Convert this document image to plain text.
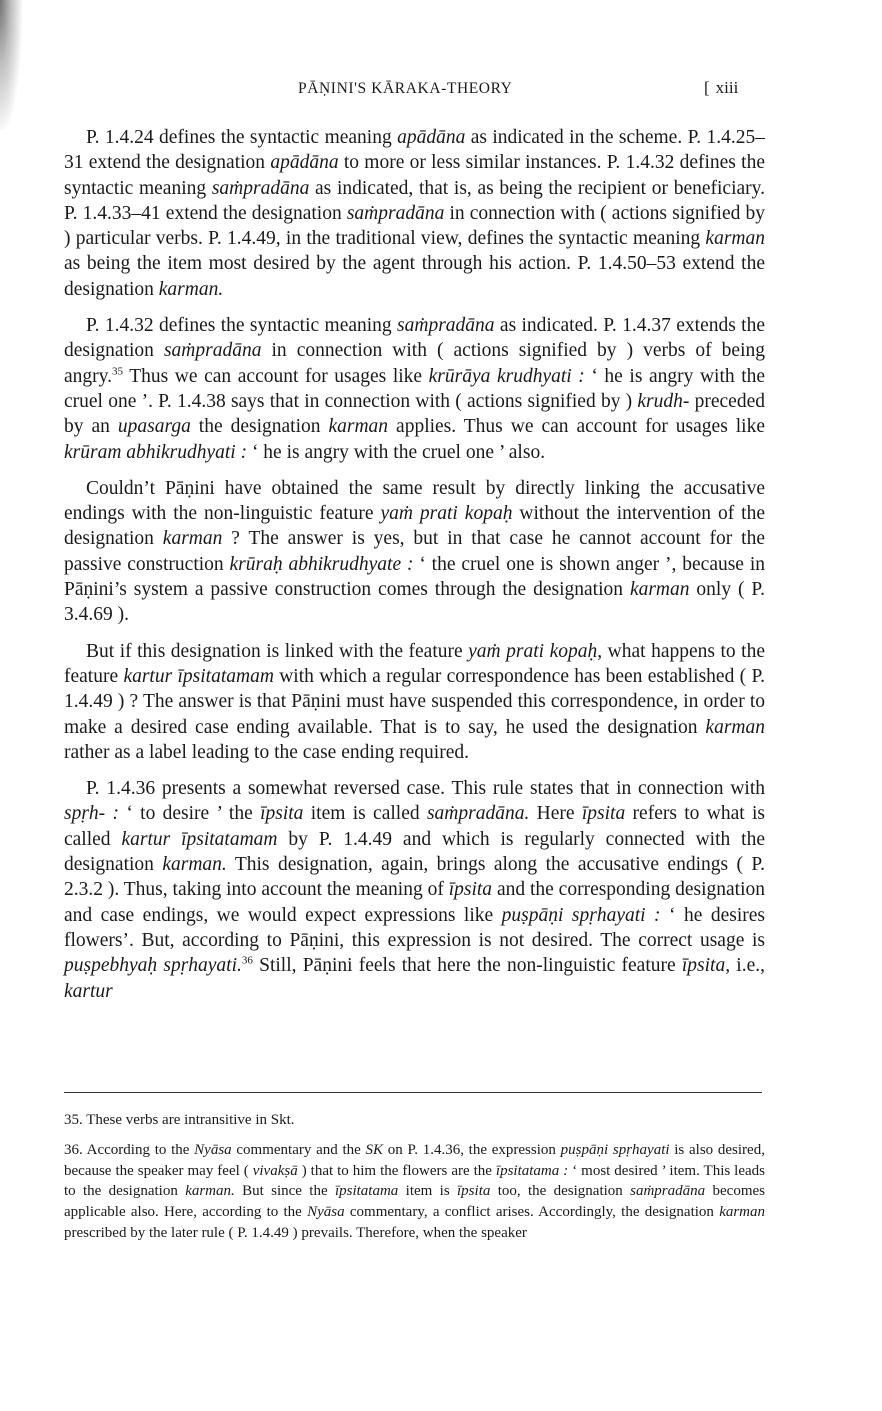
PĀṆINI'S KĀRAKA-THEORY	[ xiii

P. 1.4.24 defines the syntactic meaning apādāna as indicated in the scheme. P. 1.4.25–31 extend the designation apādāna to more or less similar instances. P. 1.4.32 defines the syntactic meaning saṁpradāna as indicated, that is, as being the recipient or beneficiary. P. 1.4.33–41 extend the designation saṁpradāna in connection with ( actions signified by ) particular verbs. P. 1.4.49, in the traditional view, defines the syntactic meaning karman as being the item most desired by the agent through his action. P. 1.4.50–53 extend the designation karman.

P. 1.4.32 defines the syntactic meaning saṁpradāna as indicated. P. 1.4.37 extends the designation saṁpradāna in connection with ( actions signified by ) verbs of being angry.$^{35}$ Thus we can account for usages like krūrāya krudhyati : ‘ he is angry with the cruel one ’. P. 1.4.38 says that in connection with ( actions signified by ) krudh- preceded by an upasarga the designation karman applies. Thus we can account for usages like krūram abhikrudhyati : ‘ he is angry with the cruel one ’ also.

Couldn’t Pāṇini have obtained the same result by directly linking the accusative endings with the non-linguistic feature yaṁ prati kopaḥ without the intervention of the designation karman ? The answer is yes, but in that case he cannot account for the passive construction krūraḥ abhikrudhyate : ‘ the cruel one is shown anger ’, because in Pāṇini’s system a passive construction comes through the designation karman only ( P. 3.4.69 ).

But if this designation is linked with the feature yaṁ prati kopaḥ, what happens to the feature kartur īpsitatamam with which a regular correspondence has been established ( P. 1.4.49 ) ? The answer is that Pāṇini must have suspended this correspondence, in order to make a desired case ending available. That is to say, he used the designation karman rather as a label leading to the case ending required.

P. 1.4.36 presents a somewhat reversed case. This rule states that in connection with spṛh- : ‘ to desire ’ the īpsita item is called saṁpradāna. Here īpsita refers to what is called kartur īpsitatamam by P. 1.4.49 and which is regularly connected with the designation karman. This designation, again, brings along the accusative endings ( P. 2.3.2 ). Thus, taking into account the meaning of īpsita and the corresponding designation and case endings, we would expect expressions like puṣpāṇi spṛhayati : ‘ he desires flowers’. But, according to Pāṇini, this expression is not desired. The correct usage is puṣpebhyaḥ spṛhayati.$^{36}$ Still, Pāṇini feels that here the non-linguistic feature īpsita, i.e., kartur

35. These verbs are intransitive in Skt.

36. According to the Nyāsa commentary and the SK on P. 1.4.36, the expression puṣpāṇi spṛhayati is also desired, because the speaker may feel ( vivakṣā ) that to him the flowers are the īpsitatama : ‘ most desired ’ item. This leads to the designation karman. But since the īpsitatama item is īpsita too, the designation saṁpradāna becomes applicable also. Here, according to the Nyāsa commentary, a conflict arises. Accordingly, the designation karman prescribed by the later rule ( P. 1.4.49 ) prevails. Therefore, when the speaker
